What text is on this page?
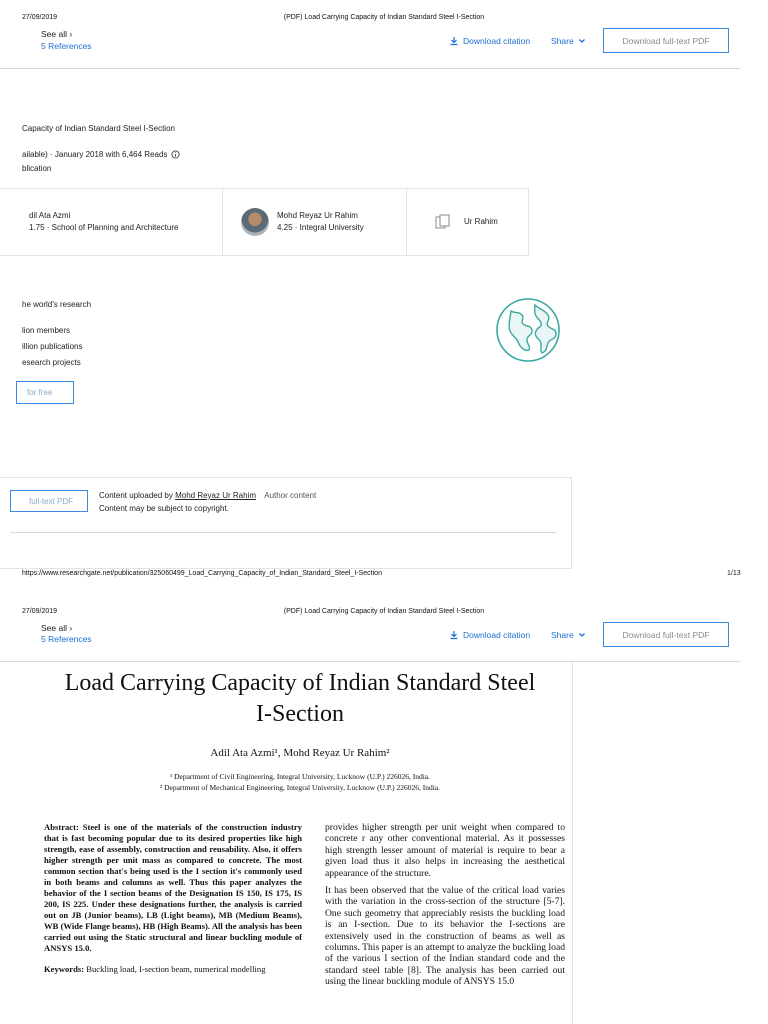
27/09/2019	(PDF) Load Carrying Capacity of Indian Standard Steel I-Section
See all ›
5 References	Download citation Share	Download full-text PDF
Capacity of Indian Standard Steel I-Section
ailable) · January 2018 with 6,464 Reads
blication
dil Ata Azmi
1.75 · School of Planning and Architecture
Mohd Reyaz Ur Rahim
4.25 · Integral University
Ur Rahim
he world's research
lion members
illion publications
esearch projects
for free
full-text PDF
Content uploaded by Mohd Reyaz Ur Rahim Author content
Content may be subject to copyright.
https://www.researchgate.net/publication/325060499_Load_Carrying_Capacity_of_Indian_Standard_Steel_I-Section	1/13
27/09/2019	(PDF) Load Carrying Capacity of Indian Standard Steel I-Section
See all ›
5 References	Download citation Share	Download full-text PDF
Load Carrying Capacity of Indian Standard Steel
I-Section
Adil Ata Azmi¹, Mohd Reyaz Ur Rahim²
¹ Department of Civil Engineering, Integral University, Lucknow (U.P.) 226026, India.
² Department of Mechanical Engineering, Integral University, Lucknow (U.P.) 226026, India.

Abstract: Steel is one of the materials of the construction industry that is fast becoming popular due to its desired properties like high strength, ease of assembly, construction and reusability. Also, it offers higher strength per unit mass as compared to concrete. The most common section that's being used is the I section it's commonly used in both beams and columns as well. Thus this paper analyzes the behavior of the I section beams of the Designation IS 150, IS 175, IS 200, IS 225. Under these designations further, the analysis is carried out on JB (Junior beams), LB (Light beams), MB (Medium Beams), WB (Wide Flange beams), HB (High Beams). All the analysis has been carried out using the Static structural and linear buckling module of ANSYS 15.0.

Keywords: Buckling load, I-section beam, numerical modelling

provides higher strength per unit weight when compared to concrete r any other conventional material. As it possesses high strength lesser amount of material is require to bear a given load thus it also helps in increasing the aesthetical appearance of the structure.

It has been observed that the value of the critical load varies with the variation in the cross-section of the structure [5-7]. One such geometry that appreciably resists the buckling load is an I-section. Due to its behavior the I-sections are extensively used in the construction of beams as well as columns. This paper is an attempt to analyze the buckling load of the various I section of the Indian standard code and the standard steel table [8]. The analysis has been carried out using the linear buckling module of ANSYS 15.0
